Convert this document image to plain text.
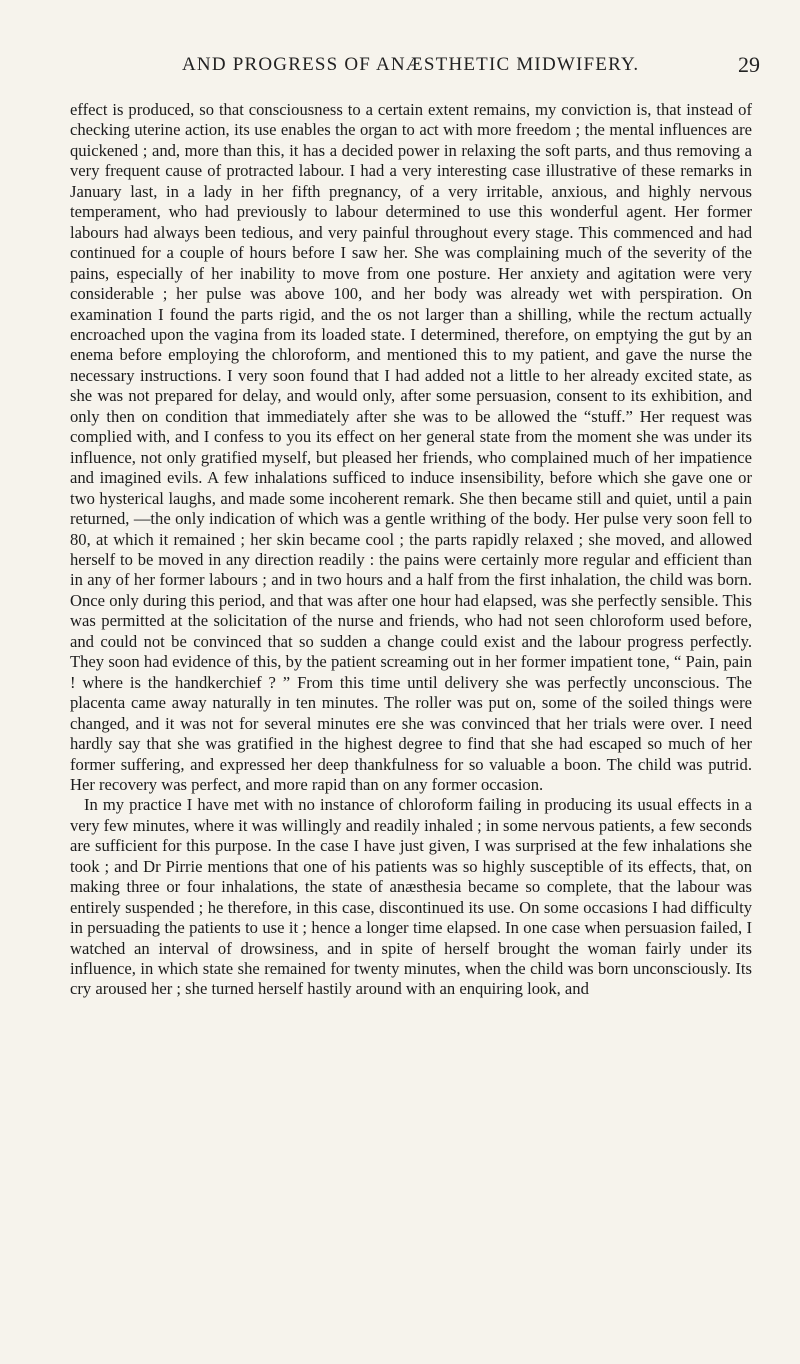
AND PROGRESS OF ANÆSTHETIC MIDWIFERY.	29

effect is produced, so that consciousness to a certain extent remains, my conviction is, that instead of checking uterine action, its use enables the organ to act with more freedom ; the mental influences are quickened ; and, more than this, it has a decided power in relaxing the soft parts, and thus removing a very frequent cause of protracted labour. I had a very interesting case illustrative of these remarks in January last, in a lady in her fifth pregnancy, of a very irritable, anxious, and highly nervous temperament, who had previously to labour determined to use this wonderful agent. Her former labours had always been tedious, and very painful throughout every stage. This commenced and had continued for a couple of hours before I saw her. She was complaining much of the severity of the pains, especially of her inability to move from one posture. Her anxiety and agitation were very considerable ; her pulse was above 100, and her body was already wet with perspiration. On examination I found the parts rigid, and the os not larger than a shilling, while the rectum actually encroached upon the vagina from its loaded state. I determined, therefore, on emptying the gut by an enema before employing the chloroform, and mentioned this to my patient, and gave the nurse the necessary instructions. I very soon found that I had added not a little to her already excited state, as she was not prepared for delay, and would only, after some persuasion, consent to its exhibition, and only then on condition that immediately after she was to be allowed the “stuff.” Her request was complied with, and I confess to you its effect on her general state from the moment she was under its influence, not only gratified myself, but pleased her friends, who complained much of her impatience and imagined evils. A few inhalations sufficed to induce insensibility, before which she gave one or two hysterical laughs, and made some incoherent remark. She then became still and quiet, until a pain returned, —the only indication of which was a gentle writhing of the body. Her pulse very soon fell to 80, at which it remained ; her skin became cool ; the parts rapidly relaxed ; she moved, and allowed herself to be moved in any direction readily : the pains were certainly more regular and efficient than in any of her former labours ; and in two hours and a half from the first inhalation, the child was born. Once only during this period, and that was after one hour had elapsed, was she perfectly sensible. This was permitted at the solicitation of the nurse and friends, who had not seen chloroform used before, and could not be convinced that so sudden a change could exist and the labour progress perfectly. They soon had evidence of this, by the patient screaming out in her former impatient tone, “ Pain, pain ! where is the handkerchief ? ” From this time until delivery she was perfectly unconscious. The placenta came away naturally in ten minutes. The roller was put on, some of the soiled things were changed, and it was not for several minutes ere she was convinced that her trials were over. I need hardly say that she was gratified in the highest degree to find that she had escaped so much of her former suffering, and expressed her deep thankfulness for so valuable a boon. The child was putrid. Her recovery was perfect, and more rapid than on any former occasion.

In my practice I have met with no instance of chloroform failing in producing its usual effects in a very few minutes, where it was willingly and readily inhaled ; in some nervous patients, a few seconds are sufficient for this purpose. In the case I have just given, I was surprised at the few inhalations she took ; and Dr Pirrie mentions that one of his patients was so highly susceptible of its effects, that, on making three or four inhalations, the state of anæsthesia became so complete, that the labour was entirely suspended ; he therefore, in this case, discontinued its use. On some occasions I had difficulty in persuading the patients to use it ; hence a longer time elapsed. In one case when persuasion failed, I watched an interval of drowsiness, and in spite of herself brought the woman fairly under its influence, in which state she remained for twenty minutes, when the child was born unconsciously. Its cry aroused her ; she turned herself hastily around with an enquiring look, and
